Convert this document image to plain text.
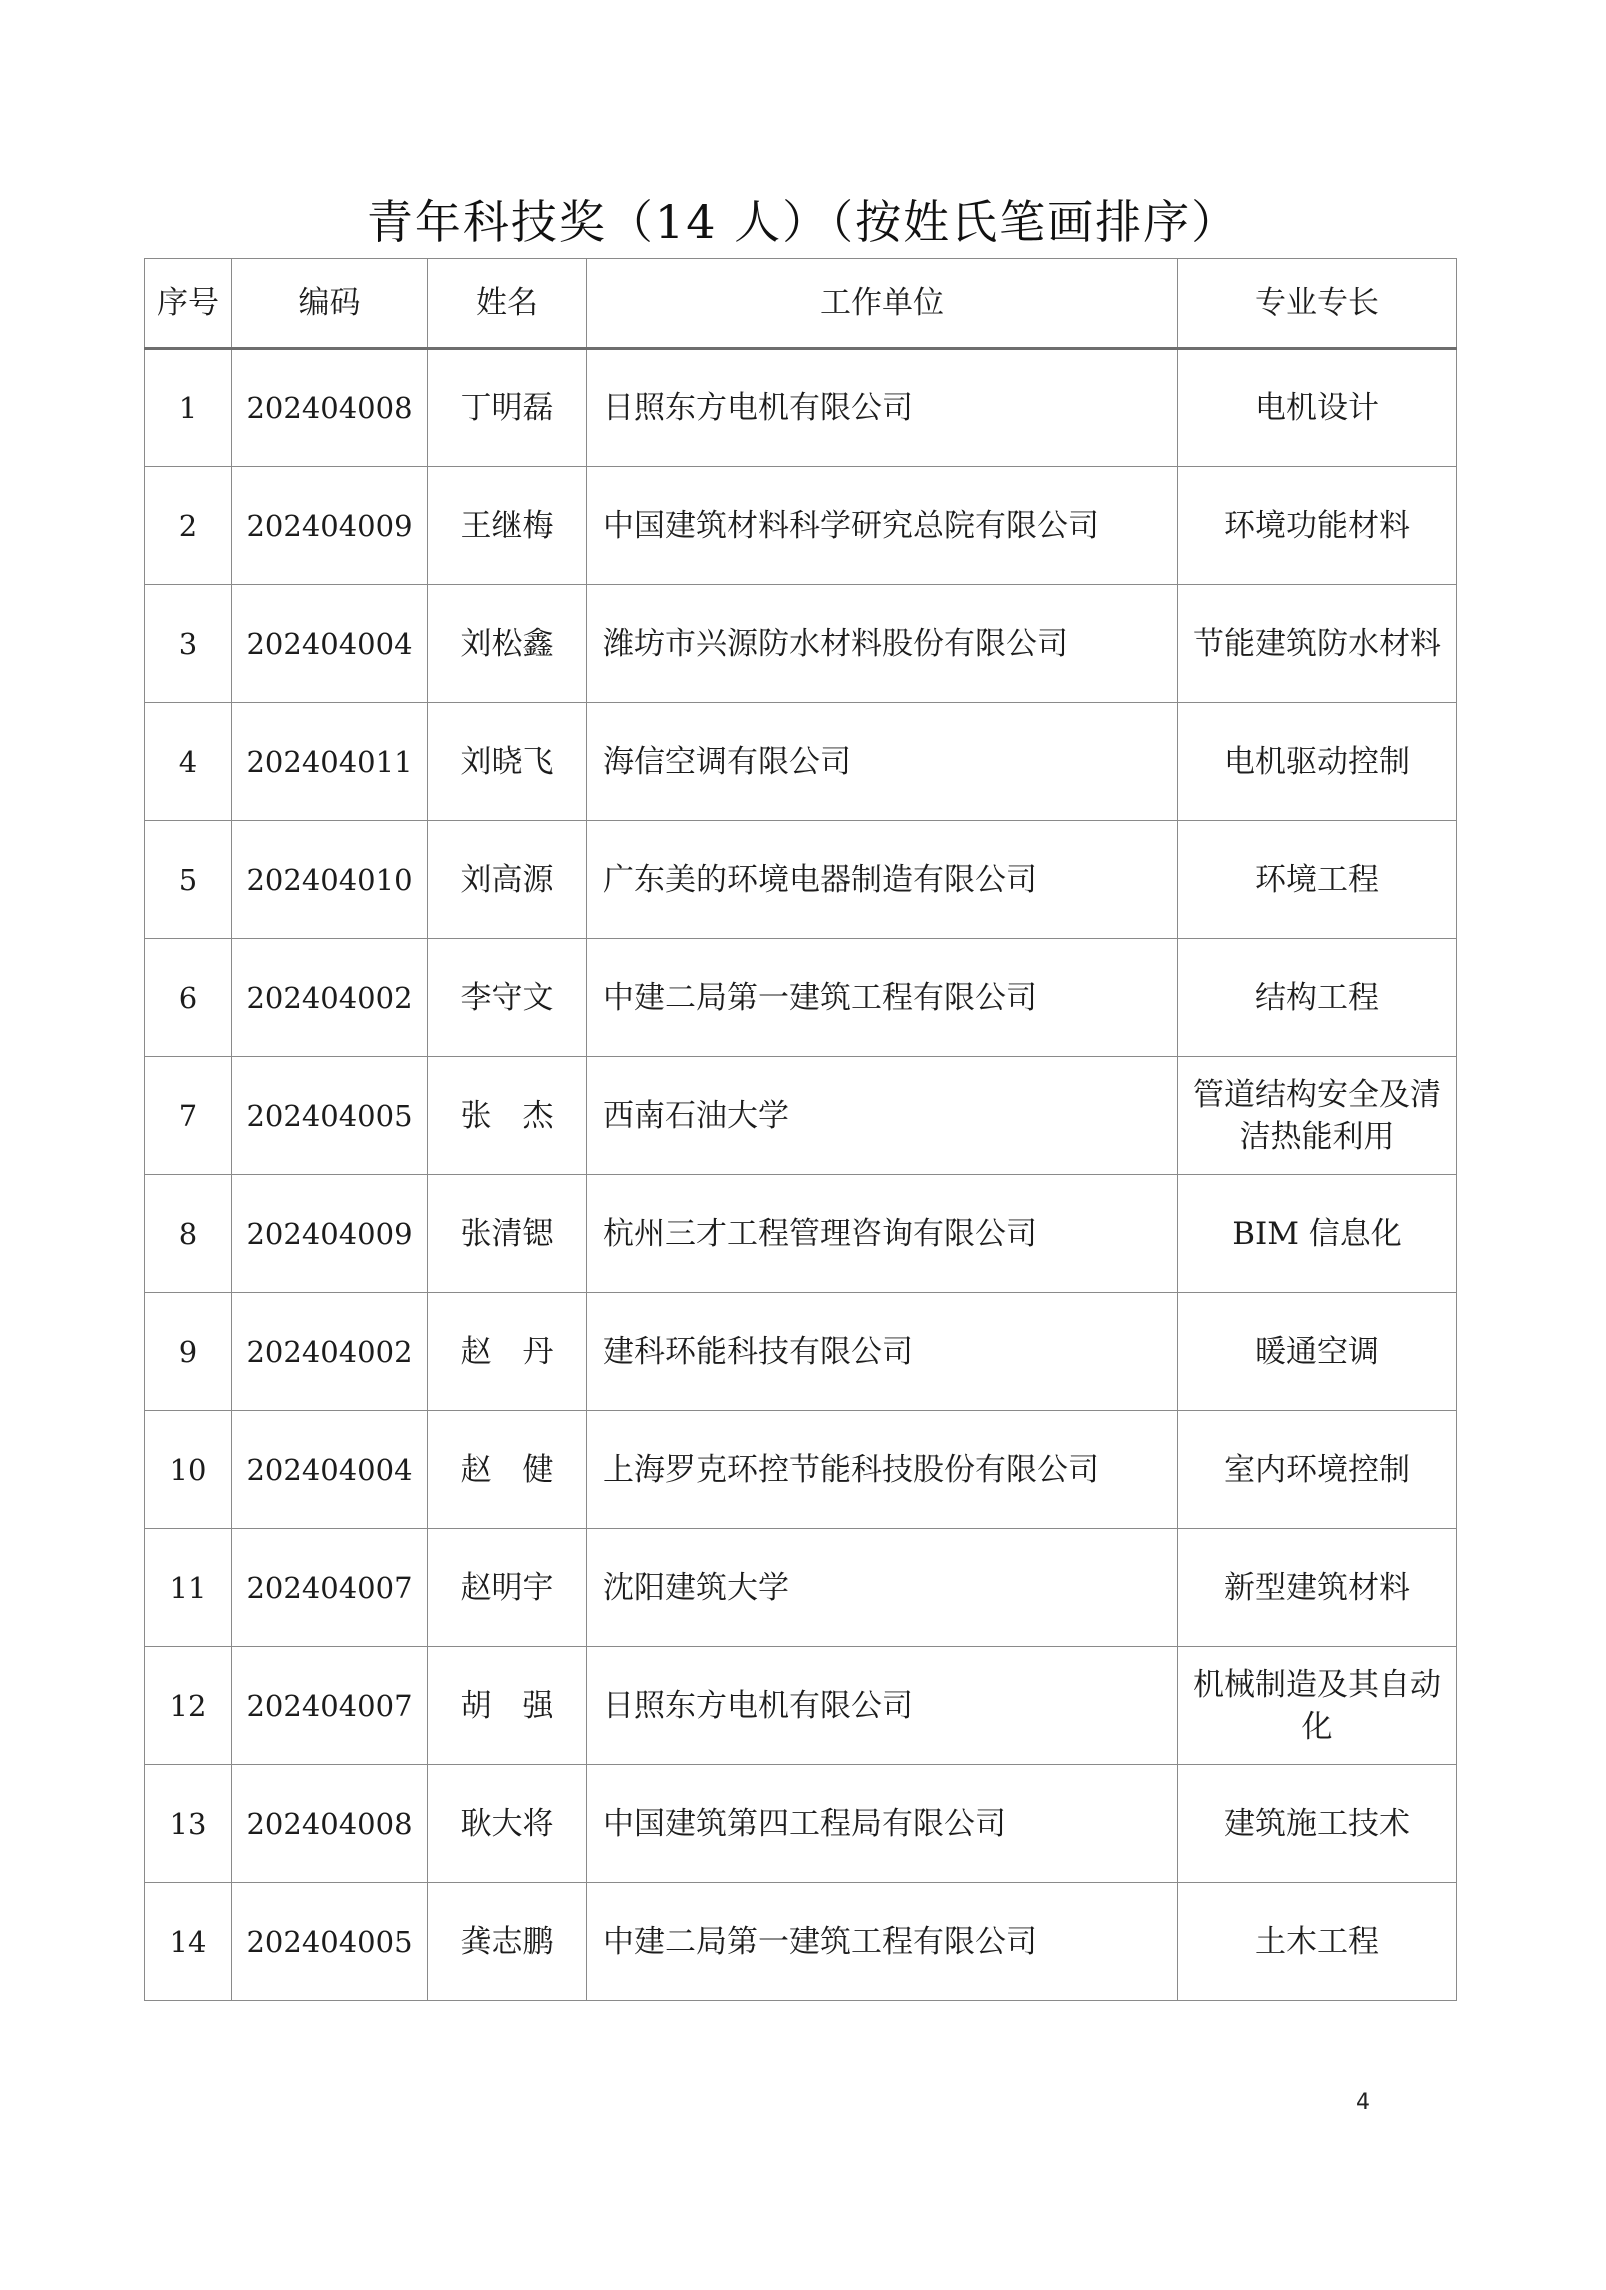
青年科技奖（14 人）（按姓氏笔画排序）
序号	编码	姓名	工作单位	专业专长
1	202404008	丁明磊	日照东方电机有限公司	电机设计
2	202404009	王继梅	中国建筑材料科学研究总院有限公司	环境功能材料
3	202404004	刘松鑫	潍坊市兴源防水材料股份有限公司	节能建筑防水材料
4	202404011	刘晓飞	海信空调有限公司	电机驱动控制
5	202404010	刘高源	广东美的环境电器制造有限公司	环境工程
6	202404002	李守文	中建二局第一建筑工程有限公司	结构工程
7	202404005	张　杰	西南石油大学	管道结构安全及清洁热能利用
8	202404009	张清锶	杭州三才工程管理咨询有限公司	BIM 信息化
9	202404002	赵　丹	建科环能科技有限公司	暖通空调
10	202404004	赵　健	上海罗克环控节能科技股份有限公司	室内环境控制
11	202404007	赵明宇	沈阳建筑大学	新型建筑材料
12	202404007	胡　强	日照东方电机有限公司	机械制造及其自动化
13	202404008	耿大将	中国建筑第四工程局有限公司	建筑施工技术
14	202404005	龚志鹏	中建二局第一建筑工程有限公司	土木工程
4
